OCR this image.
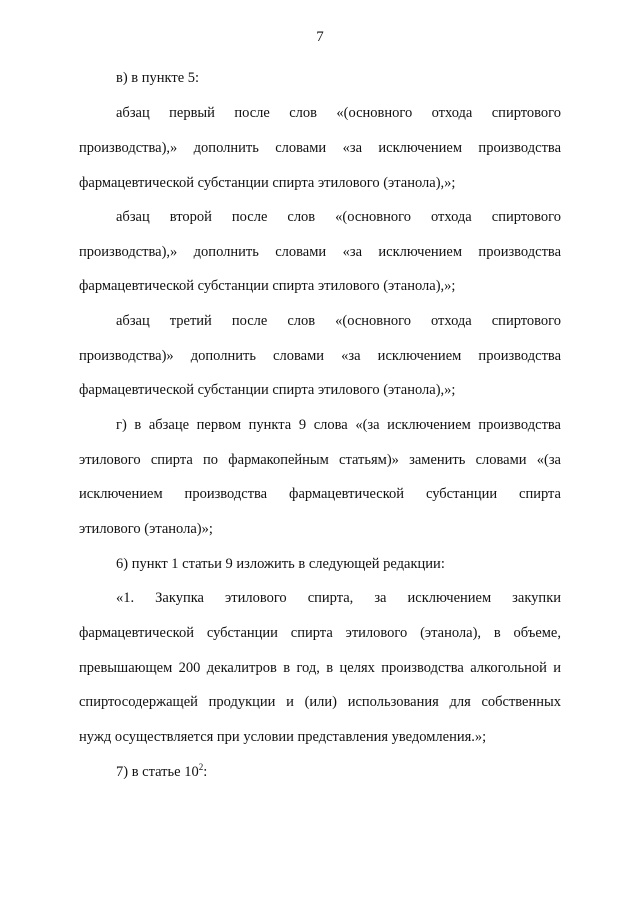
7
в) в пункте 5:
абзац первый после слов «(основного отхода спиртового
производства),» дополнить словами «за исключением производства
фармацевтической субстанции спирта этилового (этанола),»;
абзац второй после слов «(основного отхода спиртового
производства),» дополнить словами «за исключением производства
фармацевтической субстанции спирта этилового (этанола),»;
абзац третий после слов «(основного отхода спиртового
производства)» дополнить словами «за исключением производства
фармацевтической субстанции спирта этилового (этанола),»;
г) в абзаце первом пункта 9 слова «(за исключением производства
этилового спирта по фармакопейным статьям)» заменить словами «(за
исключением производства фармацевтической субстанции спирта
этилового (этанола)»;
6) пункт 1 статьи 9 изложить в следующей редакции:
«1. Закупка этилового спирта, за исключением закупки
фармацевтической субстанции спирта этилового (этанола), в объеме,
превышающем 200 декалитров в год, в целях производства алкогольной и
спиртосодержащей продукции и (или) использования для собственных
нужд осуществляется при условии представления уведомления.»;
7) в статье $10^2$:
